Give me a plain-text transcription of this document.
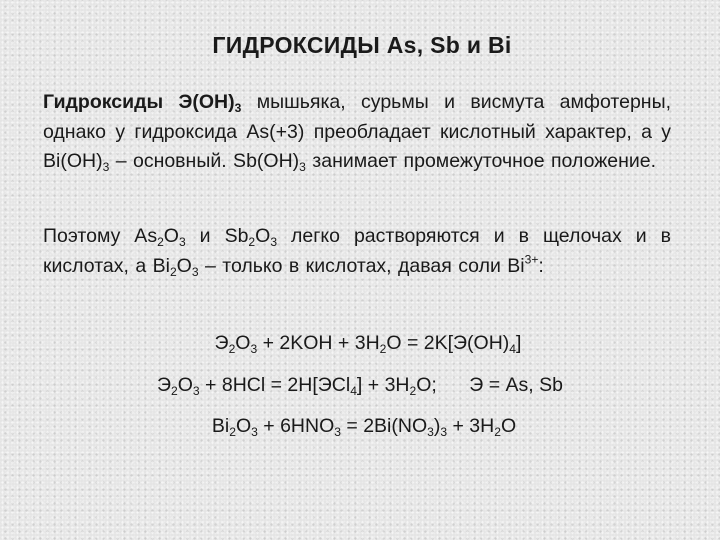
ГИДРОКСИДЫ As, Sb и Bi
Гидроксиды $Э(OH)_3$ мышьяка, сурьмы и висмута амфотерны, однако у гидроксида As(+3) преобладает кислотный характер, а у $Bi(OH)_3$ – основный. $Sb(OH)_3$ занимает промежуточное положение.
Поэтому $As_2O_3$ и $Sb_2O_3$ легко растворяются и в щелочах и в кислотах, а $Bi_2O_3$ – только в кислотах, давая соли $Bi^{3+}$:
$Э_2O_3 + 2KOH + 3H_2O = 2K[Э(OH)_4]$
$Э_2O_3 + 8HCl = 2H[ЭCl_4] + 3H_2O$;      Э = As, Sb
$Bi_2O_3 + 6HNO_3 = 2Bi(NO_3)_3 + 3H_2O$
